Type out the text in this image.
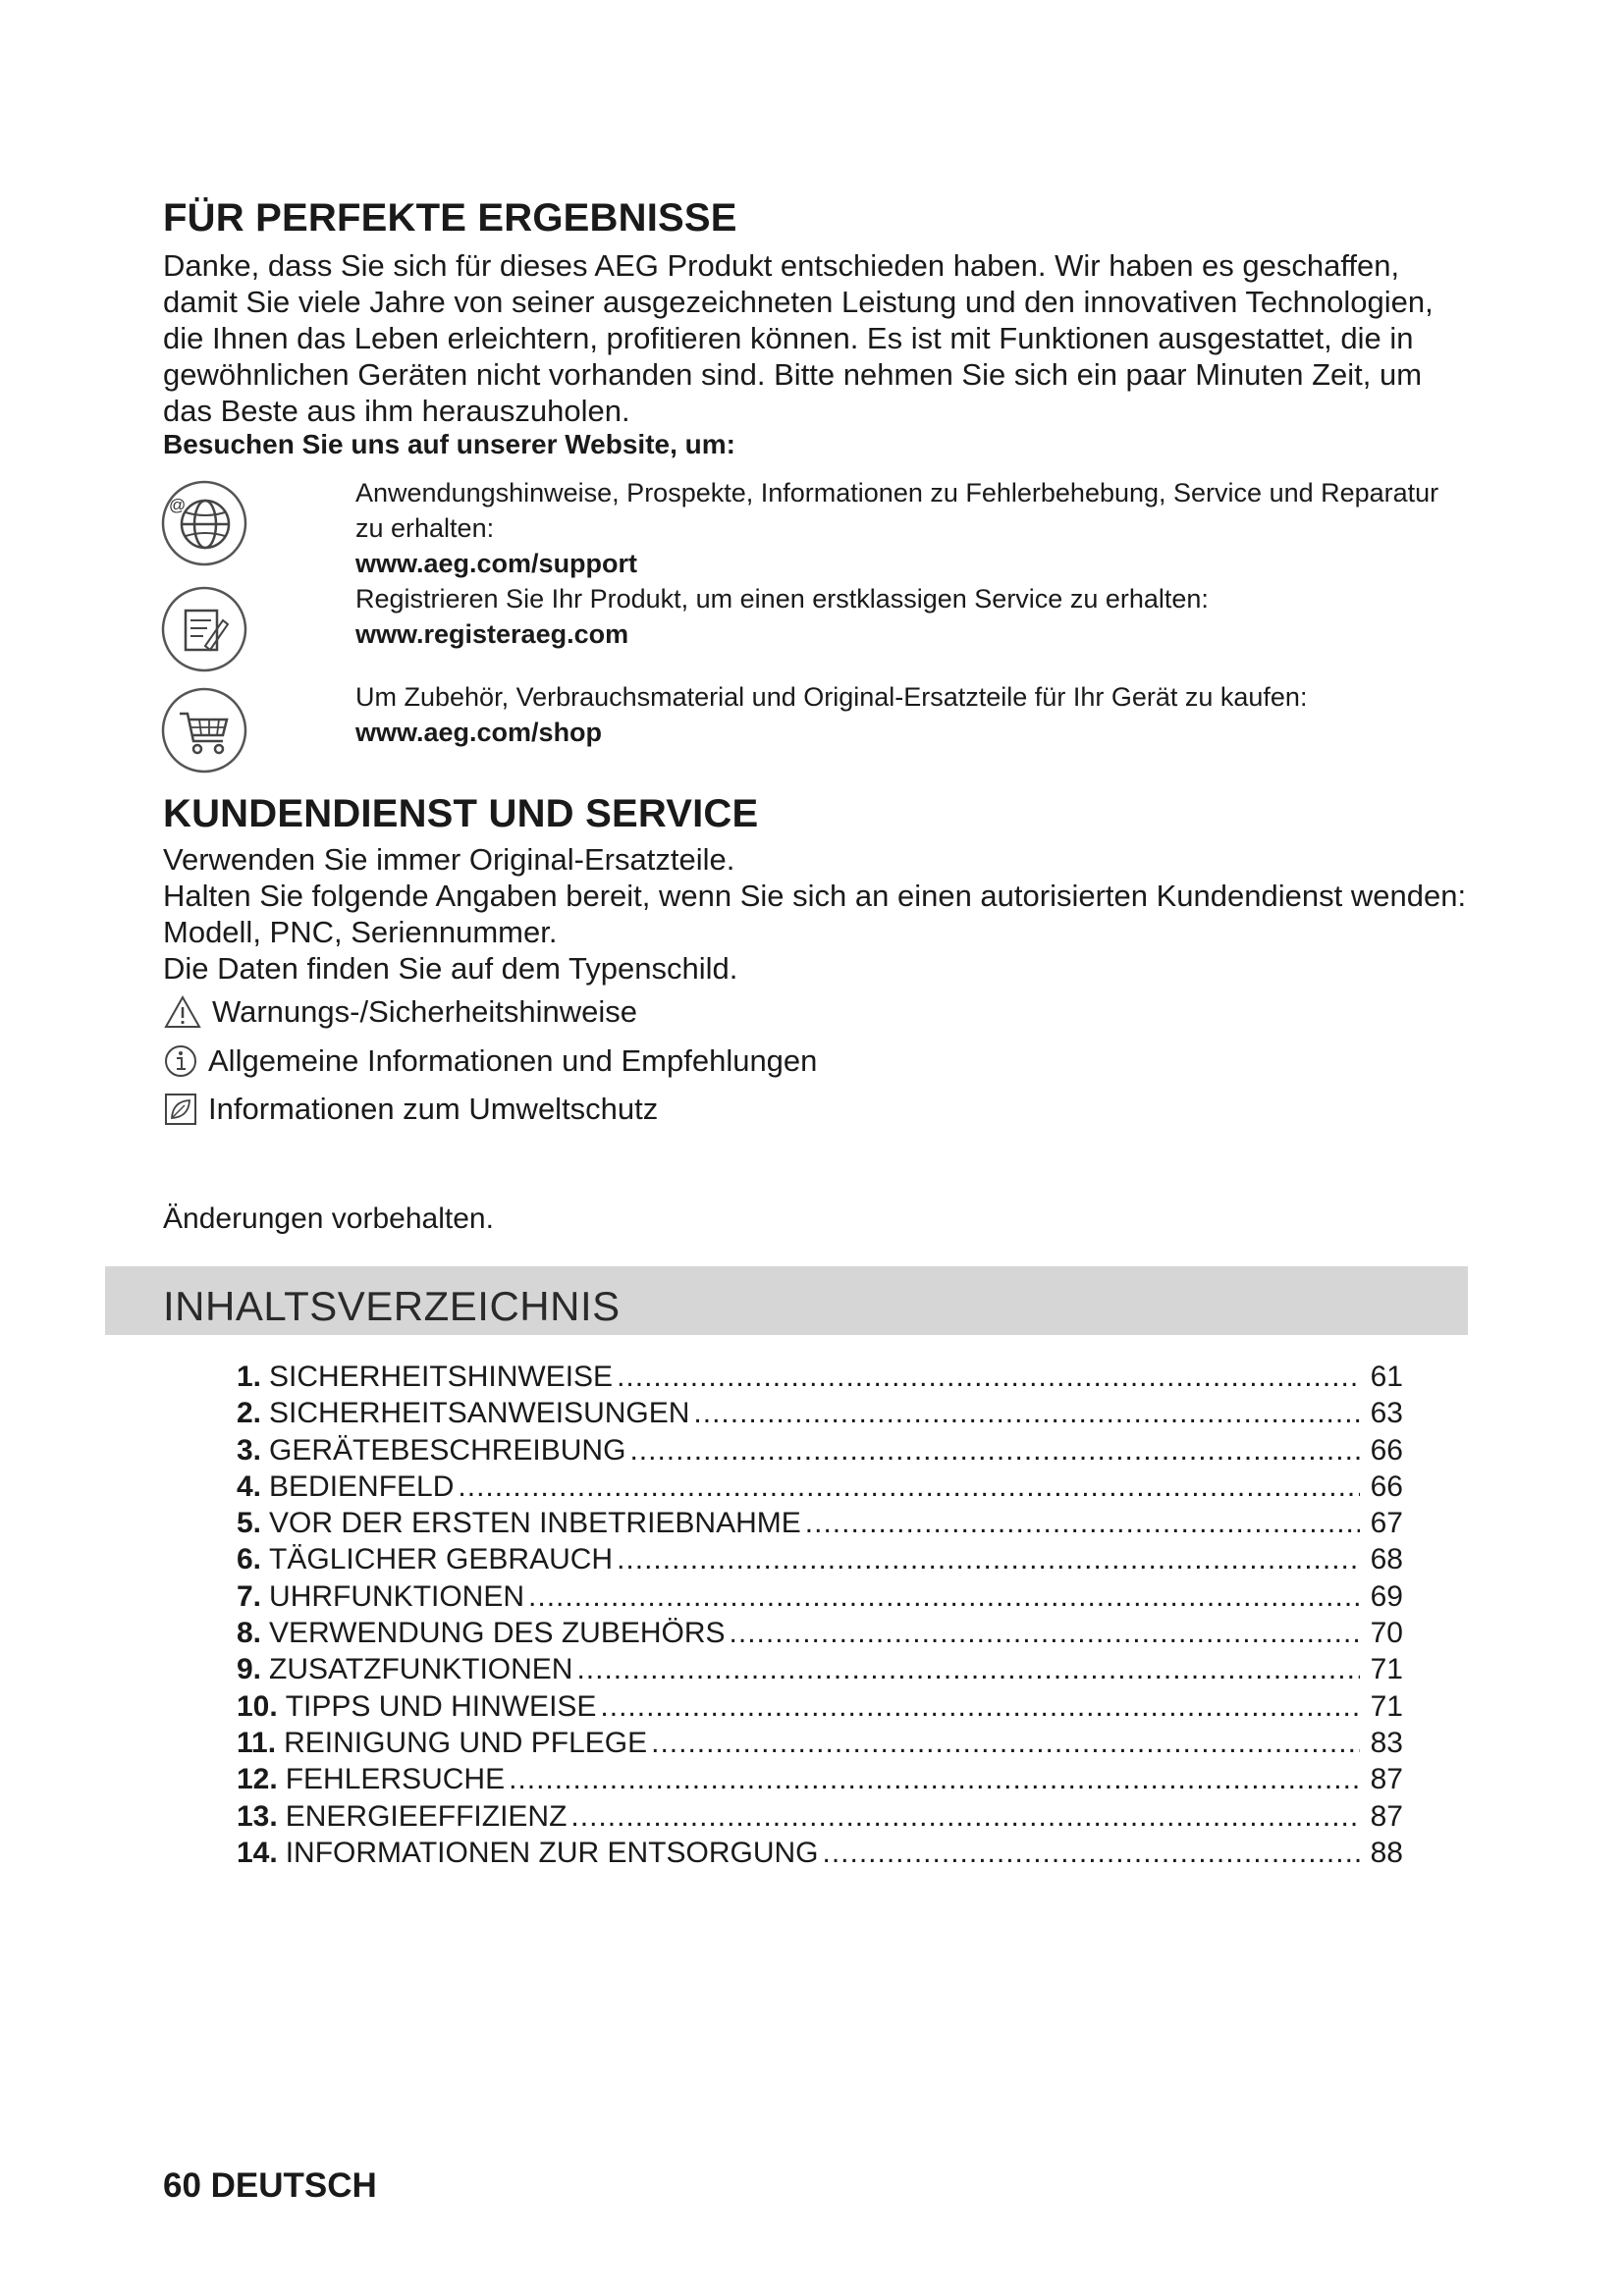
FÜR PERFEKTE ERGEBNISSE

Danke, dass Sie sich für dieses AEG Produkt entschieden haben. Wir haben es geschaffen, damit Sie viele Jahre von seiner ausgezeichneten Leistung und den innovativen Technologien, die Ihnen das Leben erleichtern, profitieren können. Es ist mit Funktionen ausgestattet, die in gewöhnlichen Geräten nicht vorhanden sind. Bitte nehmen Sie sich ein paar Minuten Zeit, um das Beste aus ihm herauszuholen.

Besuchen Sie uns auf unserer Website, um:

@	Anwendungshinweise, Prospekte, Informationen zu Fehlerbehebung, Service und Reparatur zu erhalten:
www.aeg.com/support
Registrieren Sie Ihr Produkt, um einen erstklassigen Service zu erhalten:
www.registeraeg.com
Um Zubehör, Verbrauchsmaterial und Original-Ersatzteile für Ihr Gerät zu kaufen:
www.aeg.com/shop
KUNDENDIENST UND SERVICE
Verwenden Sie immer Original-Ersatzteile.
Halten Sie folgende Angaben bereit, wenn Sie sich an einen autorisierten Kundendienst wenden: Modell, PNC, Seriennummer.
Die Daten finden Sie auf dem Typenschild.
Warnungs-/Sicherheitshinweise
Allgemeine Informationen und Empfehlungen
Informationen zum Umweltschutz
Änderungen vorbehalten.
INHALTSVERZEICHNIS
1. SICHERHEITSHINWEISE .....	61
2. SICHERHEITSANWEISUNGEN .....	63
3. GERÄTEBESCHREIBUNG .....	66
4. BEDIENFELD .....	66
5. VOR DER ERSTEN INBETRIEBNAHME .....	67
6. TÄGLICHER GEBRAUCH .....	68
7. UHRFUNKTIONEN .....	69
8. VERWENDUNG DES ZUBEHÖRS .....	70
9. ZUSATZFUNKTIONEN .....	71
10. TIPPS UND HINWEISE .....	71
11. REINIGUNG UND PFLEGE .....	83
12. FEHLERSUCHE .....	87
13. ENERGIEEFFIZIENZ .....	87
14. INFORMATIONEN ZUR ENTSORGUNG .....	88
60 DEUTSCH
